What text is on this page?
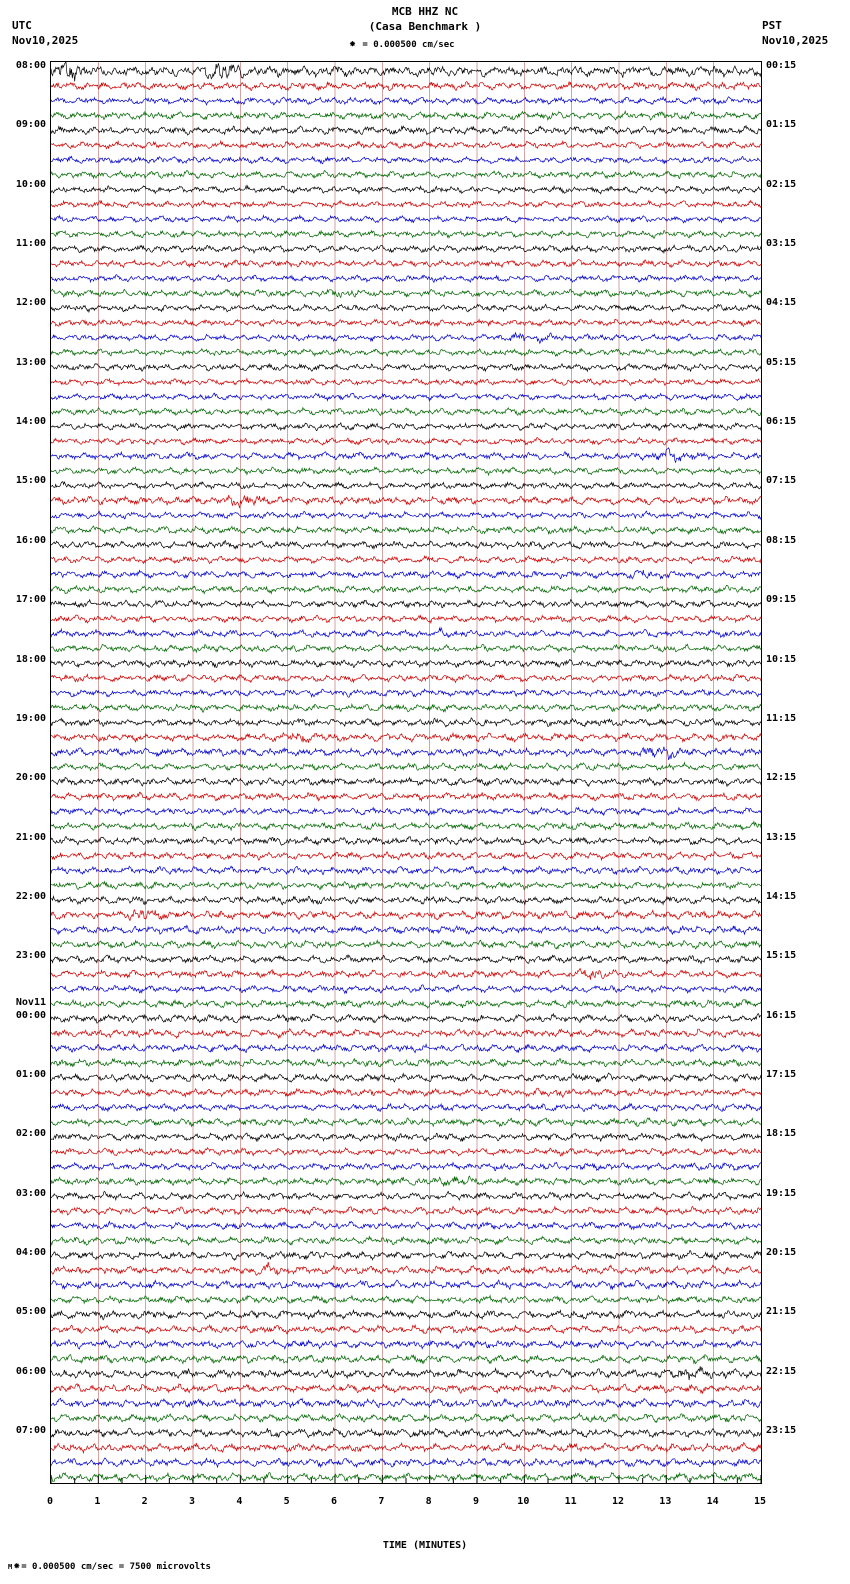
UTC
Nov10,2025
MCB HHZ NC
(Casa Benchmark )	PST
Nov10,2025
⁕ = 0.000500 cm/sec
08:00
09:00
10:00
11:00
12:00
13:00
14:00
15:00
16:00
17:00
18:00
19:00
20:00
21:00
22:00
23:00
Nov11
00:00
01:00
02:00
03:00
04:00
05:00
06:00
07:00
00:15
01:15
02:15
03:15
04:15
05:15
06:15
07:15
08:15
09:15
10:15
11:15
12:15
13:15
14:15
15:15
16:15
17:15
18:15
19:15
20:15
21:15
22:15
23:15
0	1	2	3	4	5	6	7	8	9	10	11	12	13	14	15
TIME (MINUTES)
M⁕= 0.000500 cm/sec = 7500 microvolts
